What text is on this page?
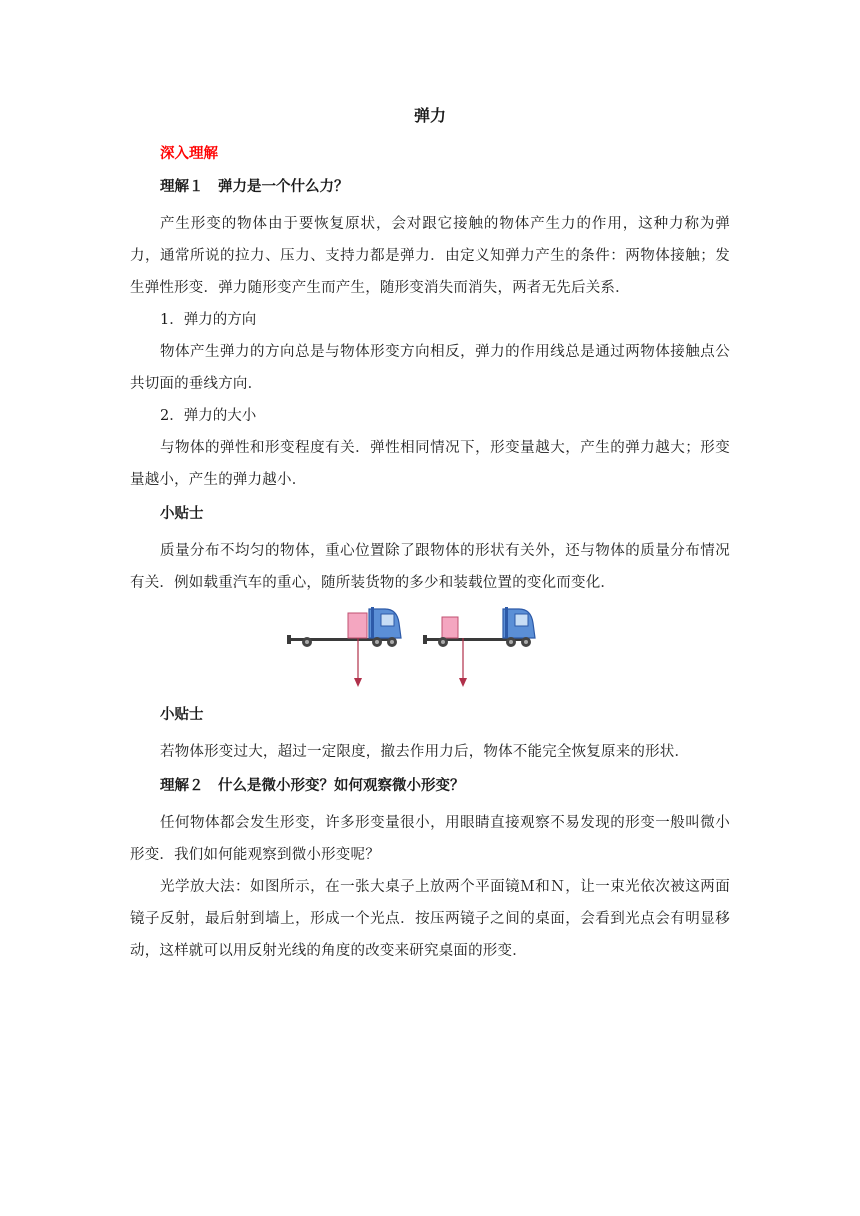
弹力
深入理解
理解１　弹力是一个什么力？

产生形变的物体由于要恢复原状，会对跟它接触的物体产生力的作用，这种力称为弹力，通常所说的拉力、压力、支持力都是弹力．由定义知弹力产生的条件：两物体接触；发生弹性形变．弹力随形变产生而产生，随形变消失而消失，两者无先后关系．

1．弹力的方向

物体产生弹力的方向总是与物体形变方向相反，弹力的作用线总是通过两物体接触点公共切面的垂线方向．

2．弹力的大小

与物体的弹性和形变程度有关．弹性相同情况下，形变量越大，产生的弹力越大；形变量越小，产生的弹力越小．

小贴士

质量分布不均匀的物体，重心位置除了跟物体的形状有关外，还与物体的质量分布情况有关．例如载重汽车的重心，随所装货物的多少和装载位置的变化而变化．

小贴士

若物体形变过大，超过一定限度，撤去作用力后，物体不能完全恢复原来的形状．

理解２　什么是微小形变？如何观察微小形变？

任何物体都会发生形变，许多形变量很小，用眼睛直接观察不易发现的形变一般叫微小形变．我们如何能观察到微小形变呢？

光学放大法：如图所示，在一张大桌子上放两个平面镜Ｍ和Ｎ，让一束光依次被这两面镜子反射，最后射到墙上，形成一个光点．按压两镜子之间的桌面，会看到光点会有明显移动，这样就可以用反射光线的角度的改变来研究桌面的形变．
